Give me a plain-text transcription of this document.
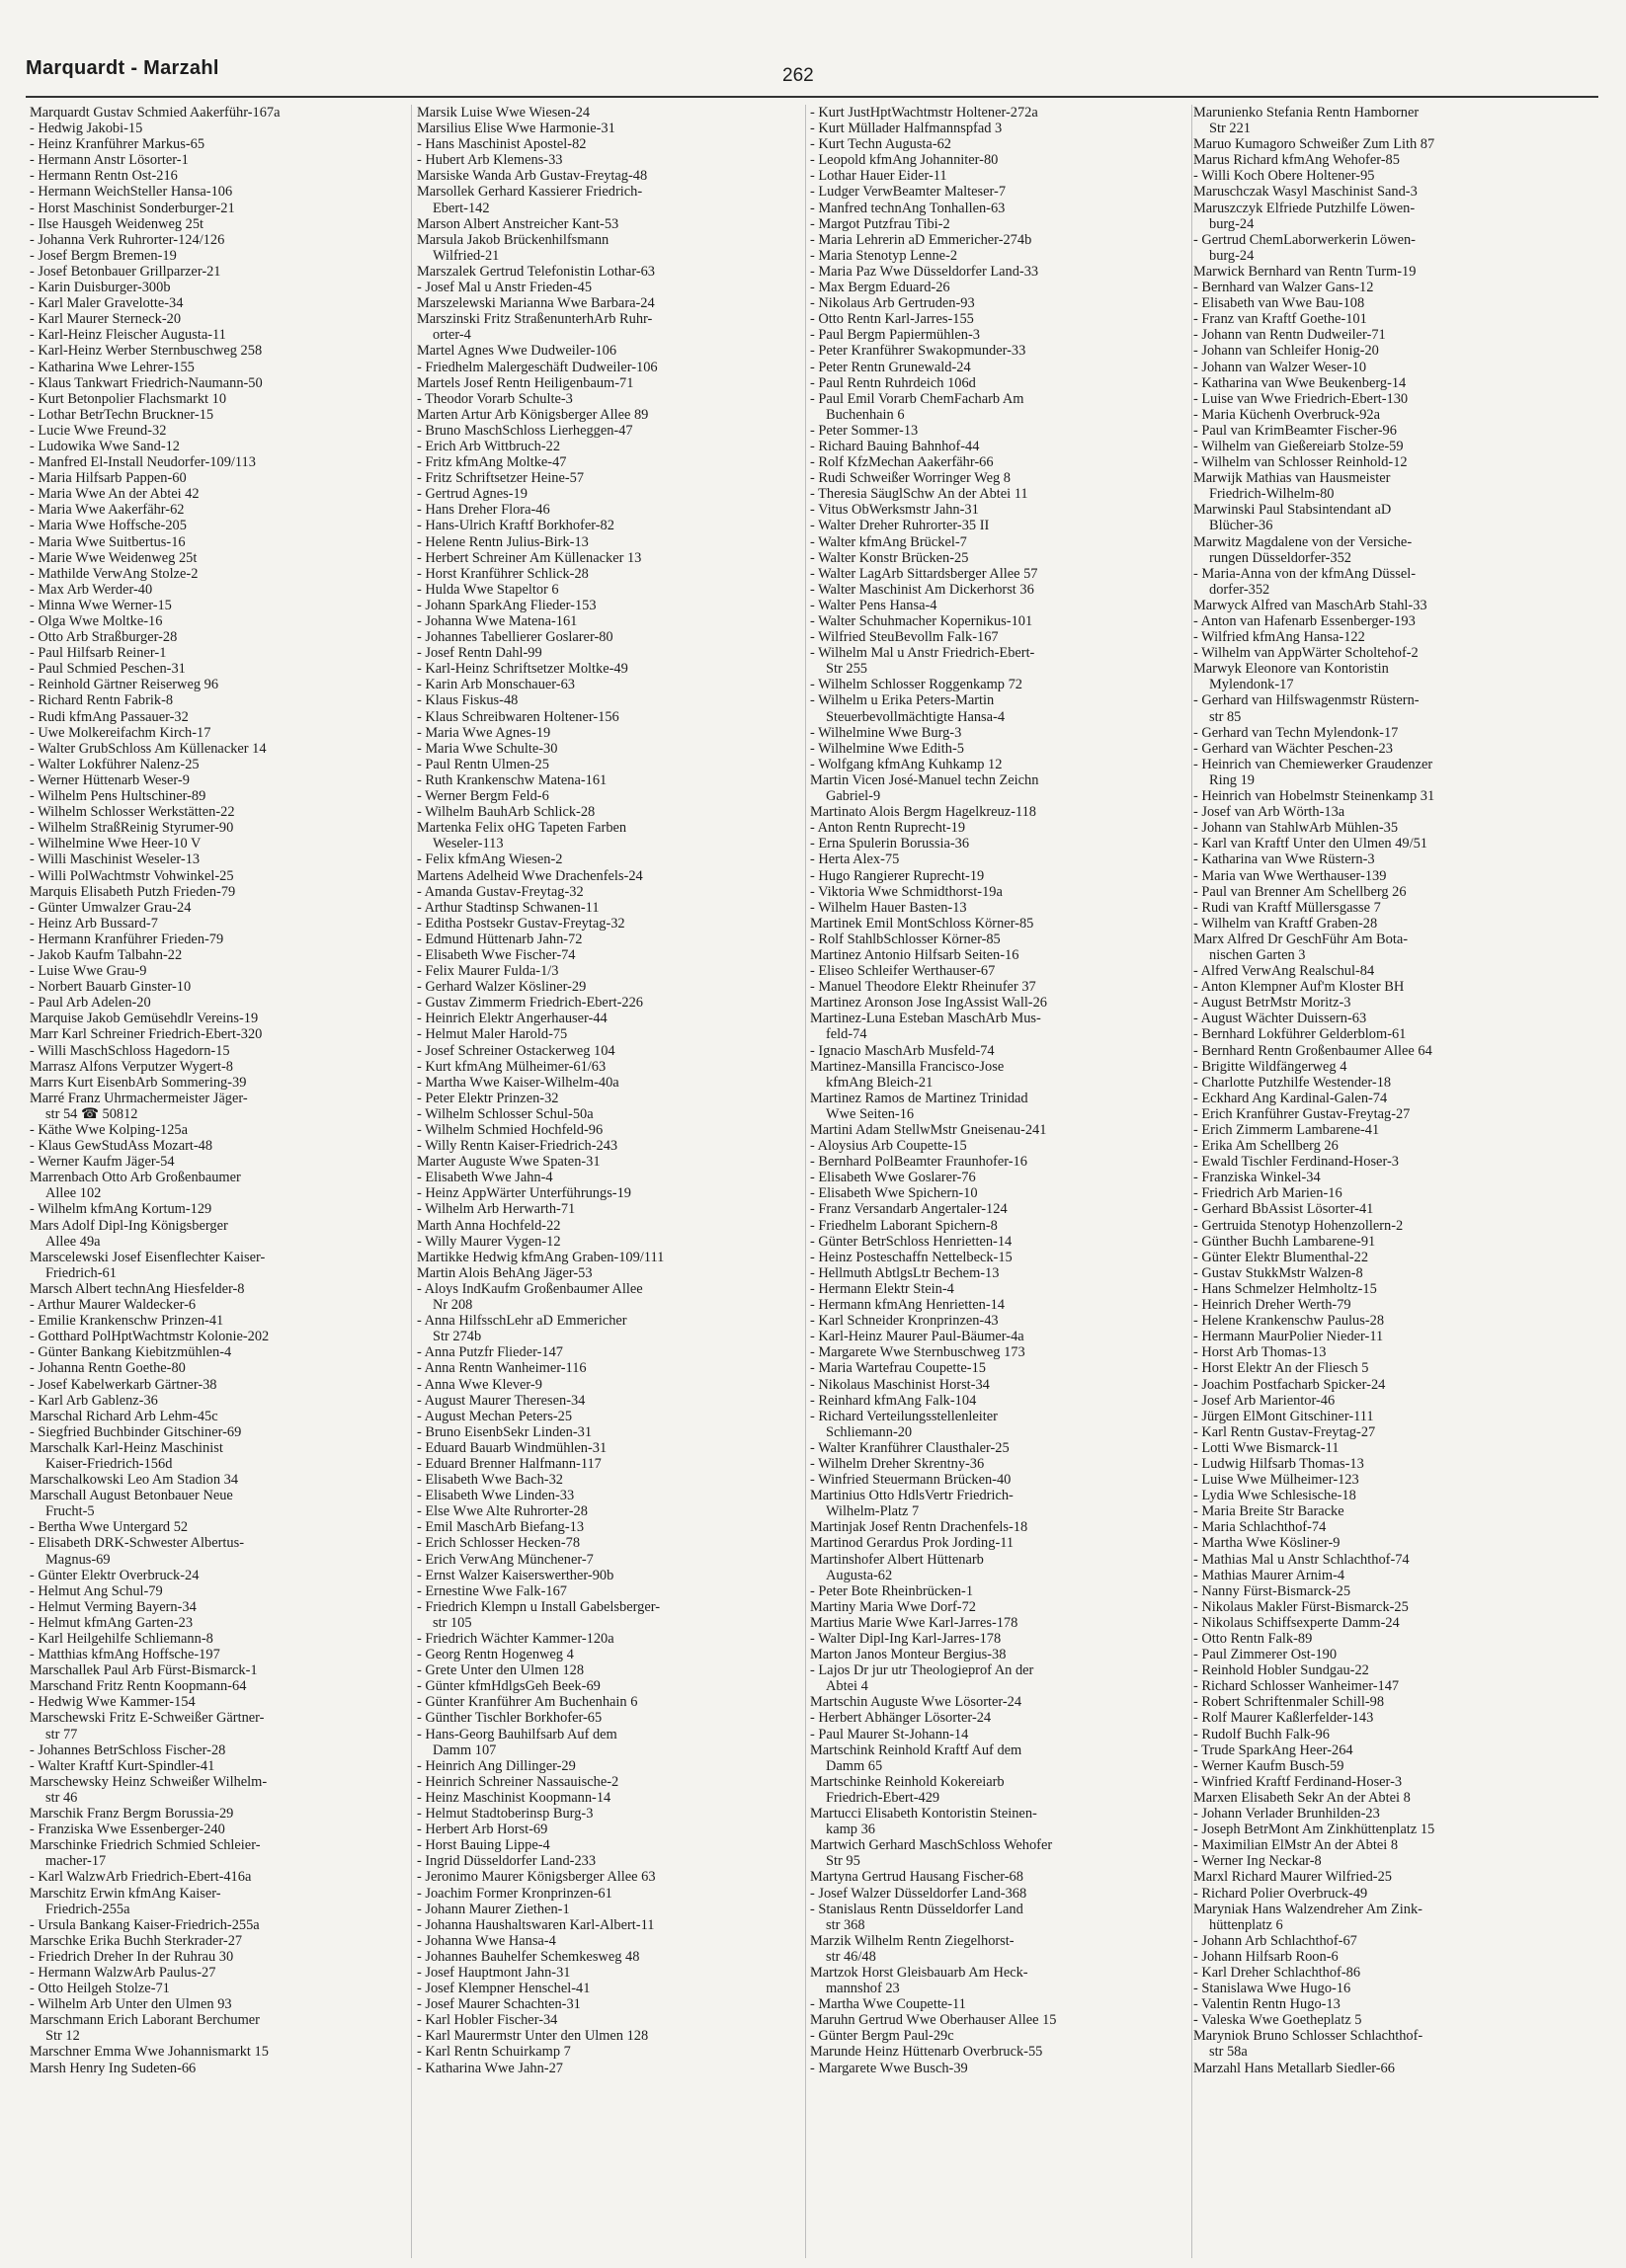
Marquardt - Marzahl	262
Marquardt Gustav Schmied Aakerführ-167a
- Hedwig Jakobi-15
- Heinz Kranführer Markus-65
- Hermann Anstr Lösorter-1
- Hermann Rentn Ost-216
- Hermann WeichSteller Hansa-106
- Horst Maschinist Sonderburger-21
- Ilse Hausgeh Weidenweg 25t
- Johanna Verk Ruhrorter-124/126
- Josef Bergm Bremen-19
- Josef Betonbauer Grillparzer-21
- Karin Duisburger-300b
- Karl Maler Gravelotte-34
- Karl Maurer Sterneck-20
- Karl-Heinz Fleischer Augusta-11
- Karl-Heinz Werber Sternbuschweg 258
- Katharina Wwe Lehrer-155
- Klaus Tankwart Friedrich-Naumann-50
- Kurt Betonpolier Flachsmarkt 10
- Lothar BetrTechn Bruckner-15
- Lucie Wwe Freund-32
- Ludowika Wwe Sand-12
- Manfred El-Install Neudorfer-109/113
- Maria Hilfsarb Pappen-60
- Maria Wwe An der Abtei 42
- Maria Wwe Aakerfähr-62
- Maria Wwe Hoffsche-205
- Maria Wwe Suitbertus-16
- Marie Wwe Weidenweg 25t
- Mathilde VerwAng Stolze-2
- Max Arb Werder-40
- Minna Wwe Werner-15
- Olga Wwe Moltke-16
- Otto Arb Straßburger-28
- Paul Hilfsarb Reiner-1
- Paul Schmied Peschen-31
- Reinhold Gärtner Reiserweg 96
- Richard Rentn Fabrik-8
- Rudi kfmAng Passauer-32
- Uwe Molkereifachm Kirch-17
- Walter GrubSchloss Am Küllenacker 14
- Walter Lokführer Nalenz-25
- Werner Hüttenarb Weser-9
- Wilhelm Pens Hultschiner-89
- Wilhelm Schlosser Werkstätten-22
- Wilhelm StraßReinig Styrumer-90
- Wilhelmine Wwe Heer-10 V
- Willi Maschinist Weseler-13
- Willi PolWachtmstr Vohwinkel-25
Marquis Elisabeth Putzh Frieden-79
- Günter Umwalzer Grau-24
- Heinz Arb Bussard-7
- Hermann Kranführer Frieden-79
- Jakob Kaufm Talbahn-22
- Luise Wwe Grau-9
- Norbert Bauarb Ginster-10
- Paul Arb Adelen-20
Marquise Jakob Gemüsehdlr Vereins-19
Marr Karl Schreiner Friedrich-Ebert-320
- Willi MaschSchloss Hagedorn-15
Marrasz Alfons Verputzer Wygert-8
Marrs Kurt EisenbArb Sommering-39
Marré Franz Uhrmachermeister Jäger-
str 54 ☎ 50812
- Käthe Wwe Kolping-125a
- Klaus GewStudAss Mozart-48
- Werner Kaufm Jäger-54
Marrenbach Otto Arb Großenbaumer
Allee 102
- Wilhelm kfmAng Kortum-129
Mars Adolf Dipl-Ing Königsberger
Allee 49a
Marscelewski Josef Eisenflechter Kaiser-
Friedrich-61
Marsch Albert technAng Hiesfelder-8
- Arthur Maurer Waldecker-6
- Emilie Krankenschw Prinzen-41
- Gotthard PolHptWachtmstr Kolonie-202
- Günter Bankang Kiebitzmühlen-4
- Johanna Rentn Goethe-80
- Josef Kabelwerkarb Gärtner-38
- Karl Arb Gablenz-36
Marschal Richard Arb Lehm-45c
- Siegfried Buchbinder Gitschiner-69
Marschalk Karl-Heinz Maschinist
Kaiser-Friedrich-156d
Marschalkowski Leo Am Stadion 34
Marschall August Betonbauer Neue
Frucht-5
- Bertha Wwe Untergard 52
- Elisabeth DRK-Schwester Albertus-
Magnus-69
- Günter Elektr Overbruck-24
- Helmut Ang Schul-79
- Helmut Verming Bayern-34
- Helmut kfmAng Garten-23
- Karl Heilgehilfe Schliemann-8
- Matthias kfmAng Hoffsche-197
Marschallek Paul Arb Fürst-Bismarck-1
Marschand Fritz Rentn Koopmann-64
- Hedwig Wwe Kammer-154
Marschewski Fritz E-Schweißer Gärtner-
str 77
- Johannes BetrSchloss Fischer-28
- Walter Kraftf Kurt-Spindler-41
Marschewsky Heinz Schweißer Wilhelm-
str 46
Marschik Franz Bergm Borussia-29
- Franziska Wwe Essenberger-240
Marschinke Friedrich Schmied Schleier-
macher-17
- Karl WalzwArb Friedrich-Ebert-416a
Marschitz Erwin kfmAng Kaiser-
Friedrich-255a
- Ursula Bankang Kaiser-Friedrich-255a
Marschke Erika Buchh Sterkrader-27
- Friedrich Dreher In der Ruhrau 30
- Hermann WalzwArb Paulus-27
- Otto Heilgeh Stolze-71
- Wilhelm Arb Unter den Ulmen 93
Marschmann Erich Laborant Berchumer
Str 12
Marschner Emma Wwe Johannismarkt 15
Marsh Henry Ing Sudeten-66
Marsik Luise Wwe Wiesen-24
Marsilius Elise Wwe Harmonie-31
- Hans Maschinist Apostel-82
- Hubert Arb Klemens-33
Marsiske Wanda Arb Gustav-Freytag-48
Marsollek Gerhard Kassierer Friedrich-
Ebert-142
Marson Albert Anstreicher Kant-53
Marsula Jakob Brückenhilfsmann
Wilfried-21
Marszalek Gertrud Telefonistin Lothar-63
- Josef Mal u Anstr Frieden-45
Marszelewski Marianna Wwe Barbara-24
Marszinski Fritz StraßenunterhArb Ruhr-
orter-4
Martel Agnes Wwe Dudweiler-106
- Friedhelm Malergeschäft Dudweiler-106
Martels Josef Rentn Heiligenbaum-71
- Theodor Vorarb Schulte-3
Marten Artur Arb Königsberger Allee 89
- Bruno MaschSchloss Lierheggen-47
- Erich Arb Wittbruch-22
- Fritz kfmAng Moltke-47
- Fritz Schriftsetzer Heine-57
- Gertrud Agnes-19
- Hans Dreher Flora-46
- Hans-Ulrich Kraftf Borkhofer-82
- Helene Rentn Julius-Birk-13
- Herbert Schreiner Am Küllenacker 13
- Horst Kranführer Schlick-28
- Hulda Wwe Stapeltor 6
- Johann SparkAng Flieder-153
- Johanna Wwe Matena-161
- Johannes Tabellierer Goslarer-80
- Josef Rentn Dahl-99
- Karl-Heinz Schriftsetzer Moltke-49
- Karin Arb Monschauer-63
- Klaus Fiskus-48
- Klaus Schreibwaren Holtener-156
- Maria Wwe Agnes-19
- Maria Wwe Schulte-30
- Paul Rentn Ulmen-25
- Ruth Krankenschw Matena-161
- Werner Bergm Feld-6
- Wilhelm BauhArb Schlick-28
Martenka Felix oHG Tapeten Farben
Weseler-113
- Felix kfmAng Wiesen-2
Martens Adelheid Wwe Drachenfels-24
- Amanda Gustav-Freytag-32
- Arthur Stadtinsp Schwanen-11
- Editha Postsekr Gustav-Freytag-32
- Edmund Hüttenarb Jahn-72
- Elisabeth Wwe Fischer-74
- Felix Maurer Fulda-1/3
- Gerhard Walzer Kösliner-29
- Gustav Zimmerm Friedrich-Ebert-226
- Heinrich Elektr Angerhauser-44
- Helmut Maler Harold-75
- Josef Schreiner Ostackerweg 104
- Kurt kfmAng Mülheimer-61/63
- Martha Wwe Kaiser-Wilhelm-40a
- Peter Elektr Prinzen-32
- Wilhelm Schlosser Schul-50a
- Wilhelm Schmied Hochfeld-96
- Willy Rentn Kaiser-Friedrich-243
Marter Auguste Wwe Spaten-31
- Elisabeth Wwe Jahn-4
- Heinz AppWärter Unterführungs-19
- Wilhelm Arb Herwarth-71
Marth Anna Hochfeld-22
- Willy Maurer Vygen-12
Martikke Hedwig kfmAng Graben-109/111
Martin Alois BehAng Jäger-53
- Aloys IndKaufm Großenbaumer Allee
Nr 208
- Anna HilfsschLehr aD Emmericher
Str 274b
- Anna Putzfr Flieder-147
- Anna Rentn Wanheimer-116
- Anna Wwe Klever-9
- August Maurer Theresen-34
- August Mechan Peters-25
- Bruno EisenbSekr Linden-31
- Eduard Bauarb Windmühlen-31
- Eduard Brenner Halfmann-117
- Elisabeth Wwe Bach-32
- Elisabeth Wwe Linden-33
- Else Wwe Alte Ruhrorter-28
- Emil MaschArb Biefang-13
- Erich Schlosser Hecken-78
- Erich VerwAng Münchener-7
- Ernst Walzer Kaiserswerther-90b
- Ernestine Wwe Falk-167
- Friedrich Klempn u Install Gabelsberger-
str 105
- Friedrich Wächter Kammer-120a
- Georg Rentn Hogenweg 4
- Grete Unter den Ulmen 128
- Günter kfmHdlgsGeh Beek-69
- Günter Kranführer Am Buchenhain 6
- Günther Tischler Borkhofer-65
- Hans-Georg Bauhilfsarb Auf dem
Damm 107
- Heinrich Ang Dillinger-29
- Heinrich Schreiner Nassauische-2
- Heinz Maschinist Koopmann-14
- Helmut Stadtoberinsp Burg-3
- Herbert Arb Horst-69
- Horst Bauing Lippe-4
- Ingrid Düsseldorfer Land-233
- Jeronimo Maurer Königsberger Allee 63
- Joachim Former Kronprinzen-61
- Johann Maurer Ziethen-1
- Johanna Haushaltswaren Karl-Albert-11
- Johanna Wwe Hansa-4
- Johannes Bauhelfer Schemkesweg 48
- Josef Hauptmont Jahn-31
- Josef Klempner Henschel-41
- Josef Maurer Schachten-31
- Karl Hobler Fischer-34
- Karl Maurermstr Unter den Ulmen 128
- Karl Rentn Schuirkamp 7
- Katharina Wwe Jahn-27
- Kurt JustHptWachtmstr Holtener-272a
- Kurt Müllader Halfmannspfad 3
- Kurt Techn Augusta-62
- Leopold kfmAng Johanniter-80
- Lothar Hauer Eider-11
- Ludger VerwBeamter Malteser-7
- Manfred technAng Tonhallen-63
- Margot Putzfrau Tibi-2
- Maria Lehrerin aD Emmericher-274b
- Maria Stenotyp Lenne-2
- Maria Paz Wwe Düsseldorfer Land-33
- Max Bergm Eduard-26
- Nikolaus Arb Gertruden-93
- Otto Rentn Karl-Jarres-155
- Paul Bergm Papiermühlen-3
- Peter Kranführer Swakopmunder-33
- Peter Rentn Grunewald-24
- Paul Rentn Ruhrdeich 106d
- Paul Emil Vorarb ChemFacharb Am
Buchenhain 6
- Peter Sommer-13
- Richard Bauing Bahnhof-44
- Rolf KfzMechan Aakerfähr-66
- Rudi Schweißer Worringer Weg 8
- Theresia SäuglSchw An der Abtei 11
- Vitus ObWerksmstr Jahn-31
- Walter Dreher Ruhrorter-35 II
- Walter kfmAng Brückel-7
- Walter Konstr Brücken-25
- Walter LagArb Sittardsberger Allee 57
- Walter Maschinist Am Dickerhorst 36
- Walter Pens Hansa-4
- Walter Schuhmacher Kopernikus-101
- Wilfried SteuBevollm Falk-167
- Wilhelm Mal u Anstr Friedrich-Ebert-
Str 255
- Wilhelm Schlosser Roggenkamp 72
- Wilhelm u Erika Peters-Martin
Steuerbevollmächtigte Hansa-4
- Wilhelmine Wwe Burg-3
- Wilhelmine Wwe Edith-5
- Wolfgang kfmAng Kuhkamp 12
Martin Vicen José-Manuel techn Zeichn
Gabriel-9
Martinato Alois Bergm Hagelkreuz-118
- Anton Rentn Ruprecht-19
- Erna Spulerin Borussia-36
- Herta Alex-75
- Hugo Rangierer Ruprecht-19
- Viktoria Wwe Schmidthorst-19a
- Wilhelm Hauer Basten-13
Martinek Emil MontSchloss Körner-85
- Rolf StahlbSchlosser Körner-85
Martinez Antonio Hilfsarb Seiten-16
- Eliseo Schleifer Werthauser-67
- Manuel Theodore Elektr Rheinufer 37
Martinez Aronson Jose IngAssist Wall-26
Martinez-Luna Esteban MaschArb Mus-
feld-74
- Ignacio MaschArb Musfeld-74
Martinez-Mansilla Francisco-Jose
kfmAng Bleich-21
Martinez Ramos de Martinez Trinidad
Wwe Seiten-16
Martini Adam StellwMstr Gneisenau-241
- Aloysius Arb Coupette-15
- Bernhard PolBeamter Fraunhofer-16
- Elisabeth Wwe Goslarer-76
- Elisabeth Wwe Spichern-10
- Franz Versandarb Angertaler-124
- Friedhelm Laborant Spichern-8
- Günter BetrSchloss Henrietten-14
- Heinz Posteschaffn Nettelbeck-15
- Hellmuth AbtlgsLtr Bechem-13
- Hermann Elektr Stein-4
- Hermann kfmAng Henrietten-14
- Karl Schneider Kronprinzen-43
- Karl-Heinz Maurer Paul-Bäumer-4a
- Margarete Wwe Sternbuschweg 173
- Maria Wartefrau Coupette-15
- Nikolaus Maschinist Horst-34
- Reinhard kfmAng Falk-104
- Richard Verteilungsstellenleiter
Schliemann-20
- Walter Kranführer Clausthaler-25
- Wilhelm Dreher Skrentny-36
- Winfried Steuermann Brücken-40
Martinius Otto HdlsVertr Friedrich-
Wilhelm-Platz 7
Martinjak Josef Rentn Drachenfels-18
Martinod Gerardus Prok Jording-11
Martinshofer Albert Hüttenarb
Augusta-62
- Peter Bote Rheinbrücken-1
Martiny Maria Wwe Dorf-72
Martius Marie Wwe Karl-Jarres-178
- Walter Dipl-Ing Karl-Jarres-178
Marton Janos Monteur Bergius-38
- Lajos Dr jur utr Theologieprof An der
Abtei 4
Martschin Auguste Wwe Lösorter-24
- Herbert Abhänger Lösorter-24
- Paul Maurer St-Johann-14
Martschink Reinhold Kraftf Auf dem
Damm 65
Martschinke Reinhold Kokereiarb
Friedrich-Ebert-429
Martucci Elisabeth Kontoristin Steinen-
kamp 36
Martwich Gerhard MaschSchloss Wehofer
Str 95
Martyna Gertrud Hausang Fischer-68
- Josef Walzer Düsseldorfer Land-368
- Stanislaus Rentn Düsseldorfer Land
str 368
Marzik Wilhelm Rentn Ziegelhorst-
str 46/48
Martzok Horst Gleisbauarb Am Heck-
mannshof 23
- Martha Wwe Coupette-11
Maruhn Gertrud Wwe Oberhauser Allee 15
- Günter Bergm Paul-29c
Marunde Heinz Hüttenarb Overbruck-55
- Margarete Wwe Busch-39
Marunienko Stefania Rentn Hamborner
Str 221
Maruo Kumagoro Schweißer Zum Lith 87
Marus Richard kfmAng Wehofer-85
- Willi Koch Obere Holtener-95
Maruschczak Wasyl Maschinist Sand-3
Maruszczyk Elfriede Putzhilfe Löwen-
burg-24
- Gertrud ChemLaborwerkerin Löwen-
burg-24
Marwick Bernhard van Rentn Turm-19
- Bernhard van Walzer Gans-12
- Elisabeth van Wwe Bau-108
- Franz van Kraftf Goethe-101
- Johann van Rentn Dudweiler-71
- Johann van Schleifer Honig-20
- Johann van Walzer Weser-10
- Katharina van Wwe Beukenberg-14
- Luise van Wwe Friedrich-Ebert-130
- Maria Küchenh Overbruck-92a
- Paul van KrimBeamter Fischer-96
- Wilhelm van Gießereiarb Stolze-59
- Wilhelm van Schlosser Reinhold-12
Marwijk Mathias van Hausmeister
Friedrich-Wilhelm-80
Marwinski Paul Stabsintendant aD
Blücher-36
Marwitz Magdalene von der Versiche-
rungen Düsseldorfer-352
- Maria-Anna von der kfmAng Düssel-
dorfer-352
Marwyck Alfred van MaschArb Stahl-33
- Anton van Hafenarb Essenberger-193
- Wilfried kfmAng Hansa-122
- Wilhelm van AppWärter Scholtehof-2
Marwyk Eleonore van Kontoristin
Mylendonk-17
- Gerhard van Hilfswagenmstr Rüstern-
str 85
- Gerhard van Techn Mylendonk-17
- Gerhard van Wächter Peschen-23
- Heinrich van Chemiewerker Graudenzer
Ring 19
- Heinrich van Hobelmstr Steinenkamp 31
- Josef van Arb Wörth-13a
- Johann van StahlwArb Mühlen-35
- Karl van Kraftf Unter den Ulmen 49/51
- Katharina van Wwe Rüstern-3
- Maria van Wwe Werthauser-139
- Paul van Brenner Am Schellberg 26
- Rudi van Kraftf Müllersgasse 7
- Wilhelm van Kraftf Graben-28
Marx Alfred Dr GeschFühr Am Bota-
nischen Garten 3
- Alfred VerwAng Realschul-84
- Anton Klempner Auf'm Kloster BH
- August BetrMstr Moritz-3
- August Wächter Duissern-63
- Bernhard Lokführer Gelderblom-61
- Bernhard Rentn Großenbaumer Allee 64
- Brigitte Wildfängerweg 4
- Charlotte Putzhilfe Westender-18
- Eckhard Ang Kardinal-Galen-74
- Erich Kranführer Gustav-Freytag-27
- Erich Zimmerm Lambarene-41
- Erika Am Schellberg 26
- Ewald Tischler Ferdinand-Hoser-3
- Franziska Winkel-34
- Friedrich Arb Marien-16
- Gerhard BbAssist Lösorter-41
- Gertruida Stenotyp Hohenzollern-2
- Günther Buchh Lambarene-91
- Günter Elektr Blumenthal-22
- Gustav StukkMstr Walzen-8
- Hans Schmelzer Helmholtz-15
- Heinrich Dreher Werth-79
- Helene Krankenschw Paulus-28
- Hermann MaurPolier Nieder-11
- Horst Arb Thomas-13
- Horst Elektr An der Fliesch 5
- Joachim Postfacharb Spicker-24
- Josef Arb Marientor-46
- Jürgen ElMont Gitschiner-111
- Karl Rentn Gustav-Freytag-27
- Lotti Wwe Bismarck-11
- Ludwig Hilfsarb Thomas-13
- Luise Wwe Mülheimer-123
- Lydia Wwe Schlesische-18
- Maria Breite Str Baracke
- Maria Schlachthof-74
- Martha Wwe Kösliner-9
- Mathias Mal u Anstr Schlachthof-74
- Mathias Maurer Arnim-4
- Nanny Fürst-Bismarck-25
- Nikolaus Makler Fürst-Bismarck-25
- Nikolaus Schiffsexperte Damm-24
- Otto Rentn Falk-89
- Paul Zimmerer Ost-190
- Reinhold Hobler Sundgau-22
- Richard Schlosser Wanheimer-147
- Robert Schriftenmaler Schill-98
- Rolf Maurer Kaßlerfelder-143
- Rudolf Buchh Falk-96
- Trude SparkAng Heer-264
- Werner Kaufm Busch-59
- Winfried Kraftf Ferdinand-Hoser-3
Marxen Elisabeth Sekr An der Abtei 8
- Johann Verlader Brunhilden-23
- Joseph BetrMont Am Zinkhüttenplatz 15
- Maximilian ElMstr An der Abtei 8
- Werner Ing Neckar-8
Marxl Richard Maurer Wilfried-25
- Richard Polier Overbruck-49
Maryniak Hans Walzendreher Am Zink-
hüttenplatz 6
- Johann Arb Schlachthof-67
- Johann Hilfsarb Roon-6
- Karl Dreher Schlachthof-86
- Stanislawa Wwe Hugo-16
- Valentin Rentn Hugo-13
- Valeska Wwe Goetheplatz 5
Maryniok Bruno Schlosser Schlachthof-
str 58a
Marzahl Hans Metallarb Siedler-66
